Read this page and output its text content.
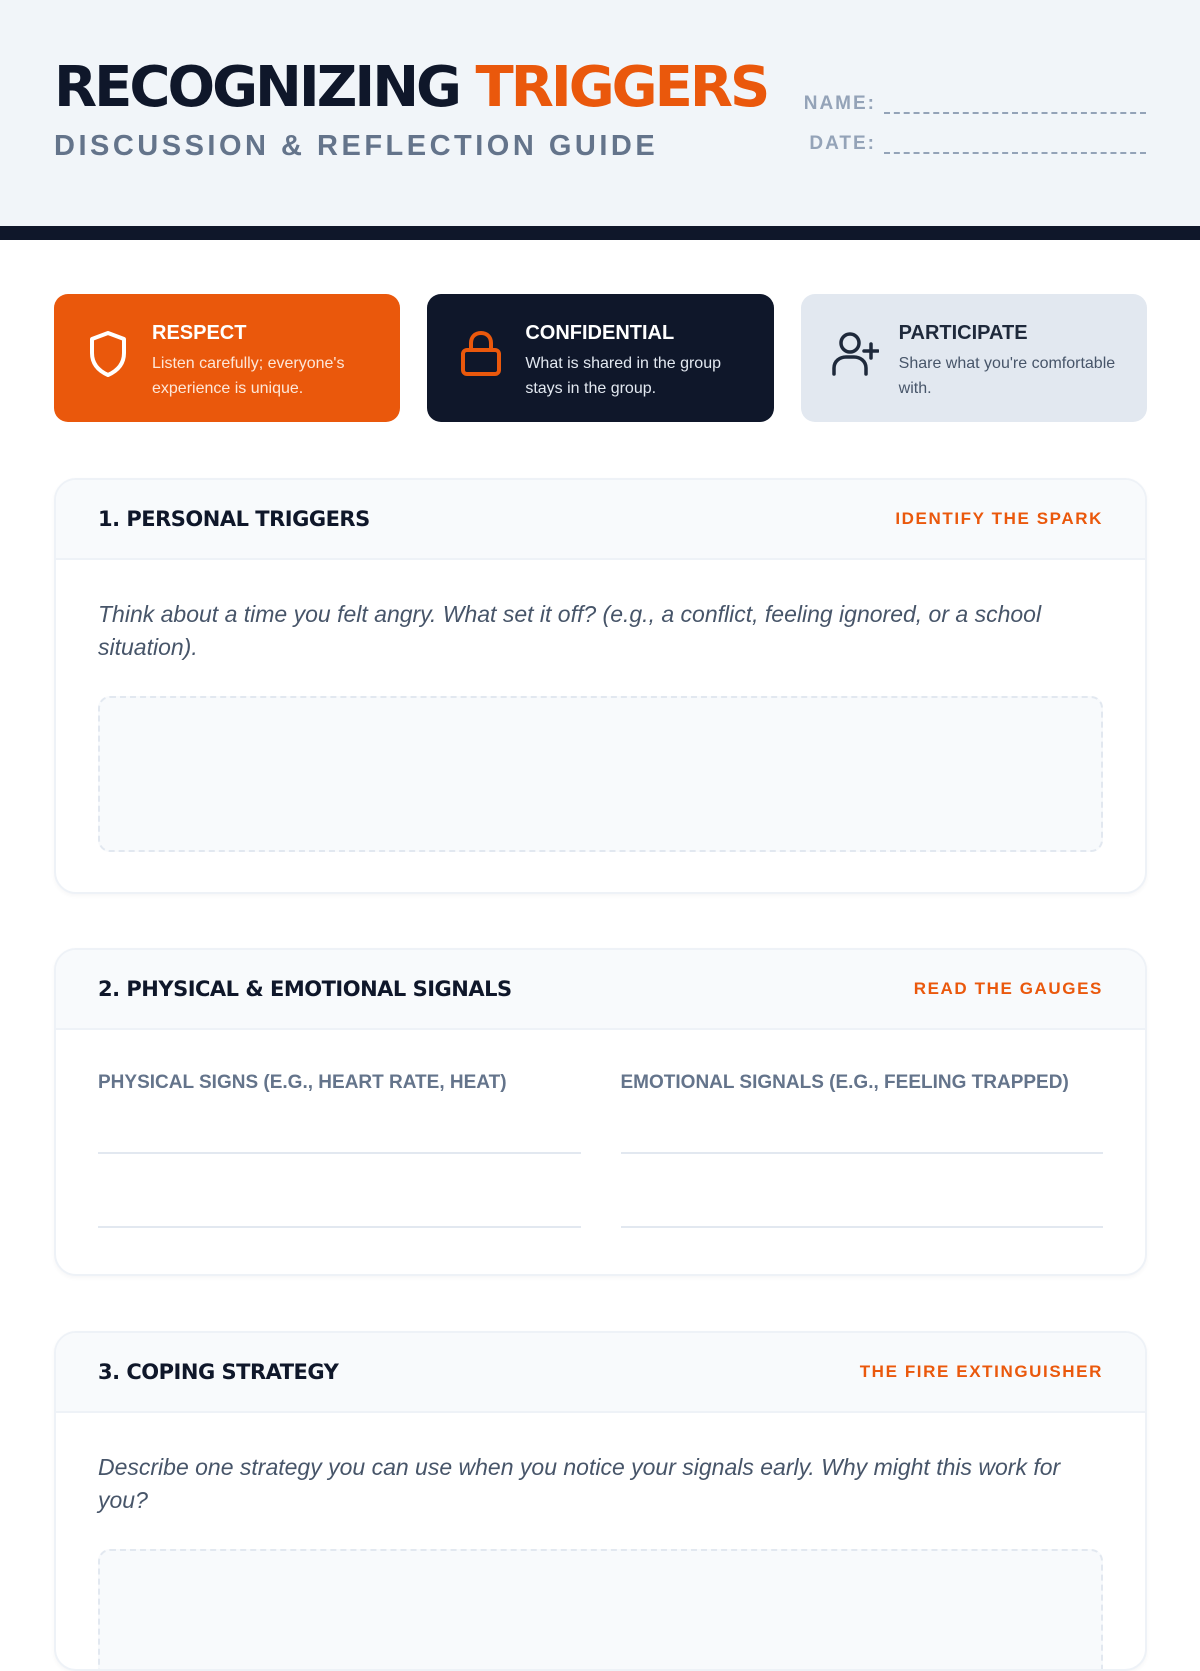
RECOGNIZING TRIGGERS
DISCUSSION & REFLECTION GUIDE
NAME:
DATE:
RESPECT
Listen carefully; everyone's experience is unique.
CONFIDENTIAL
What is shared in the group stays in the group.
PARTICIPATE
Share what you're comfortable with.
1. PERSONAL TRIGGERS	IDENTIFY THE SPARK

Think about a time you felt angry. What set it off? (e.g., a conflict, feeling ignored, or a school situation).

2. PHYSICAL & EMOTIONAL SIGNALS	READ THE GAUGES
PHYSICAL SIGNS (E.G., HEART RATE, HEAT)	EMOTIONAL SIGNALS (E.G., FEELING TRAPPED)
3. COPING STRATEGY	THE FIRE EXTINGUISHER

Describe one strategy you can use when you notice your signals early. Why might this work for you?
